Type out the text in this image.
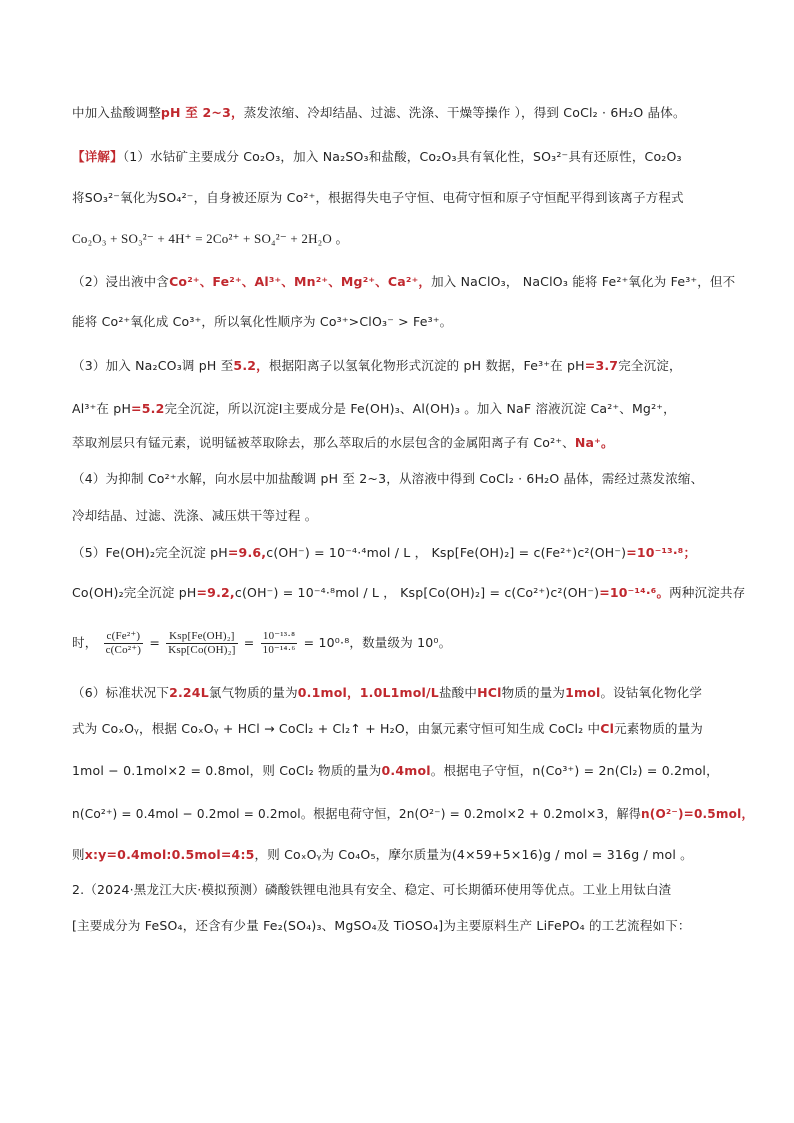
中加入盐酸调整pH 至 2~3，蒸发浓缩、冷却结晶、过滤、洗涤、干燥等操作 ），得到 CoCl₂ · 6H₂O 晶体。
【详解】（1）水钴矿主要成分 Co₂O₃，加入 Na₂SO₃和盐酸，Co₂O₃具有氧化性，SO₃²⁻具有还原性，Co₂O₃
将SO₃²⁻氧化为SO₄²⁻，自身被还原为 Co²⁺，根据得失电子守恒、电荷守恒和原子守恒配平得到该离子方程式
Co₂O₃ + SO₃²⁻ + 4H⁺ = 2Co²⁺ + SO₄²⁻ + 2H₂O 。
（2）浸出液中含Co²⁺、Fe²⁺、Al³⁺、Mn²⁺、Mg²⁺、Ca²⁺，加入 NaClO₃， NaClO₃ 能将 Fe²⁺氧化为 Fe³⁺，但不
能将 Co²⁺氧化成 Co³⁺，所以氧化性顺序为 Co³⁺>ClO₃⁻ > Fe³⁺。
（3）加入 Na₂CO₃调 pH 至5.2，根据阳离子以氢氧化物形式沉淀的 pH 数据，Fe³⁺在 pH=3.7完全沉淀，
Al³⁺在 pH=5.2完全沉淀，所以沉淀Ⅰ主要成分是 Fe(OH)₃、Al(OH)₃ 。加入 NaF 溶液沉淀 Ca²⁺、Mg²⁺，
萃取剂层只有锰元素，说明锰被萃取除去，那么萃取后的水层包含的金属阳离子有 Co²⁺、Na⁺。
（4）为抑制 Co²⁺水解，向水层中加盐酸调 pH 至 2~3，从溶液中得到 CoCl₂ · 6H₂O 晶体，需经过蒸发浓缩、
冷却结晶、过滤、洗涤、减压烘干等过程 。
（5）Fe(OH)₂完全沉淀 pH=9.6,c(OH⁻) = 10⁻⁴·⁴mol / L ， Ksp[Fe(OH)₂] = c(Fe²⁺)c²(OH⁻)=10⁻¹³·⁸；
Co(OH)₂完全沉淀 pH=9.2,c(OH⁻) = 10⁻⁴·⁸mol / L ， Ksp[Co(OH)₂] = c(Co²⁺)c²(OH⁻)=10⁻¹⁴·⁶。两种沉淀共存
时， $\frac{\text{c(Fe²⁺)}}{\text{c(Co²⁺)}} = \frac{\text{Ksp[Fe(OH)₂]}}{\text{Ksp[Co(OH)₂]}} = \frac{\text{10⁻¹³·⁸}}{\text{10⁻¹⁴·⁶}} = 10^0\cdot^8$，数量级为 10⁰。
（6）标准状况下2.24L氯气物质的量为0.1mol，1.0L1mol/L盐酸中HCl物质的量为1mol。设钴氧化物化学
式为 CoₓOᵧ，根据 CoₓOᵧ + HCl → CoCl₂ + Cl₂↑ + H₂O，由氯元素守恒可知生成 CoCl₂ 中Cl元素物质的量为
1mol − 0.1mol×2 = 0.8mol，则 CoCl₂ 物质的量为0.4mol。根据电子守恒，n(Co³⁺) = 2n(Cl₂) = 0.2mol，
n(Co²⁺) = 0.4mol − 0.2mol = 0.2mol。根据电荷守恒，2n(O²⁻) = 0.2mol×2 + 0.2mol×3，解得n(O²⁻)=0.5mol，
则x:y=0.4mol:0.5mol=4:5，则 CoₓOᵧ为 Co₄O₅，摩尔质量为(4×59+5×16)g / mol = 316g / mol 。
2.（2024·黑龙江大庆·模拟预测）磷酸铁锂电池具有安全、稳定、可长期循环使用等优点。工业上用钛白渣
[主要成分为 FeSO₄，还含有少量 Fe₂(SO₄)₃、MgSO₄及 TiOSO₄]为主要原料生产 LiFePO₄ 的工艺流程如下：
